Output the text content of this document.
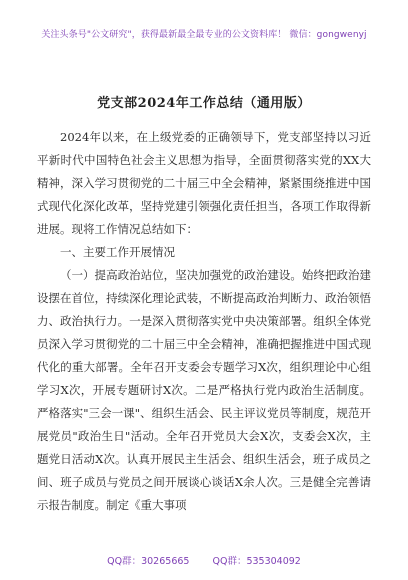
关注头条号"公文研究"，获得最新最全最专业的公文资料库！ 微信：gongwenyj
党支部2024年工作总结（通用版）

2024年以来，在上级党委的正确领导下，党支部坚持以习近平新时代中国特色社会主义思想为指导，全面贯彻落实党的XX大精神，深入学习贯彻党的二十届三中全会精神，紧紧围绕推进中国式现代化深化改革，坚持党建引领强化责任担当，各项工作取得新进展。现将工作情况总结如下：

一、主要工作开展情况

（一）提高政治站位，坚决加强党的政治建设。始终把政治建设摆在首位，持续深化理论武装，不断提高政治判断力、政治领悟力、政治执行力。一是深入贯彻落实党中央决策部署。组织全体党员深入学习贯彻党的二十届三中全会精神，准确把握推进中国式现代化的重大部署。全年召开支委会专题学习X次，组织理论中心组学习X次，开展专题研讨X次。二是严格执行党内政治生活制度。严格落实"三会一课"、组织生活会、民主评议党员等制度，规范开展党员"政治生日"活动。全年召开党员大会X次，支委会X次，主题党日活动X次。认真开展民主生活会、组织生活会，班子成员之间、班子成员与党员之间开展谈心谈话X余人次。三是健全完善请示报告制度。制定《重大事项

QQ群：30265665 QQ群：535304092
